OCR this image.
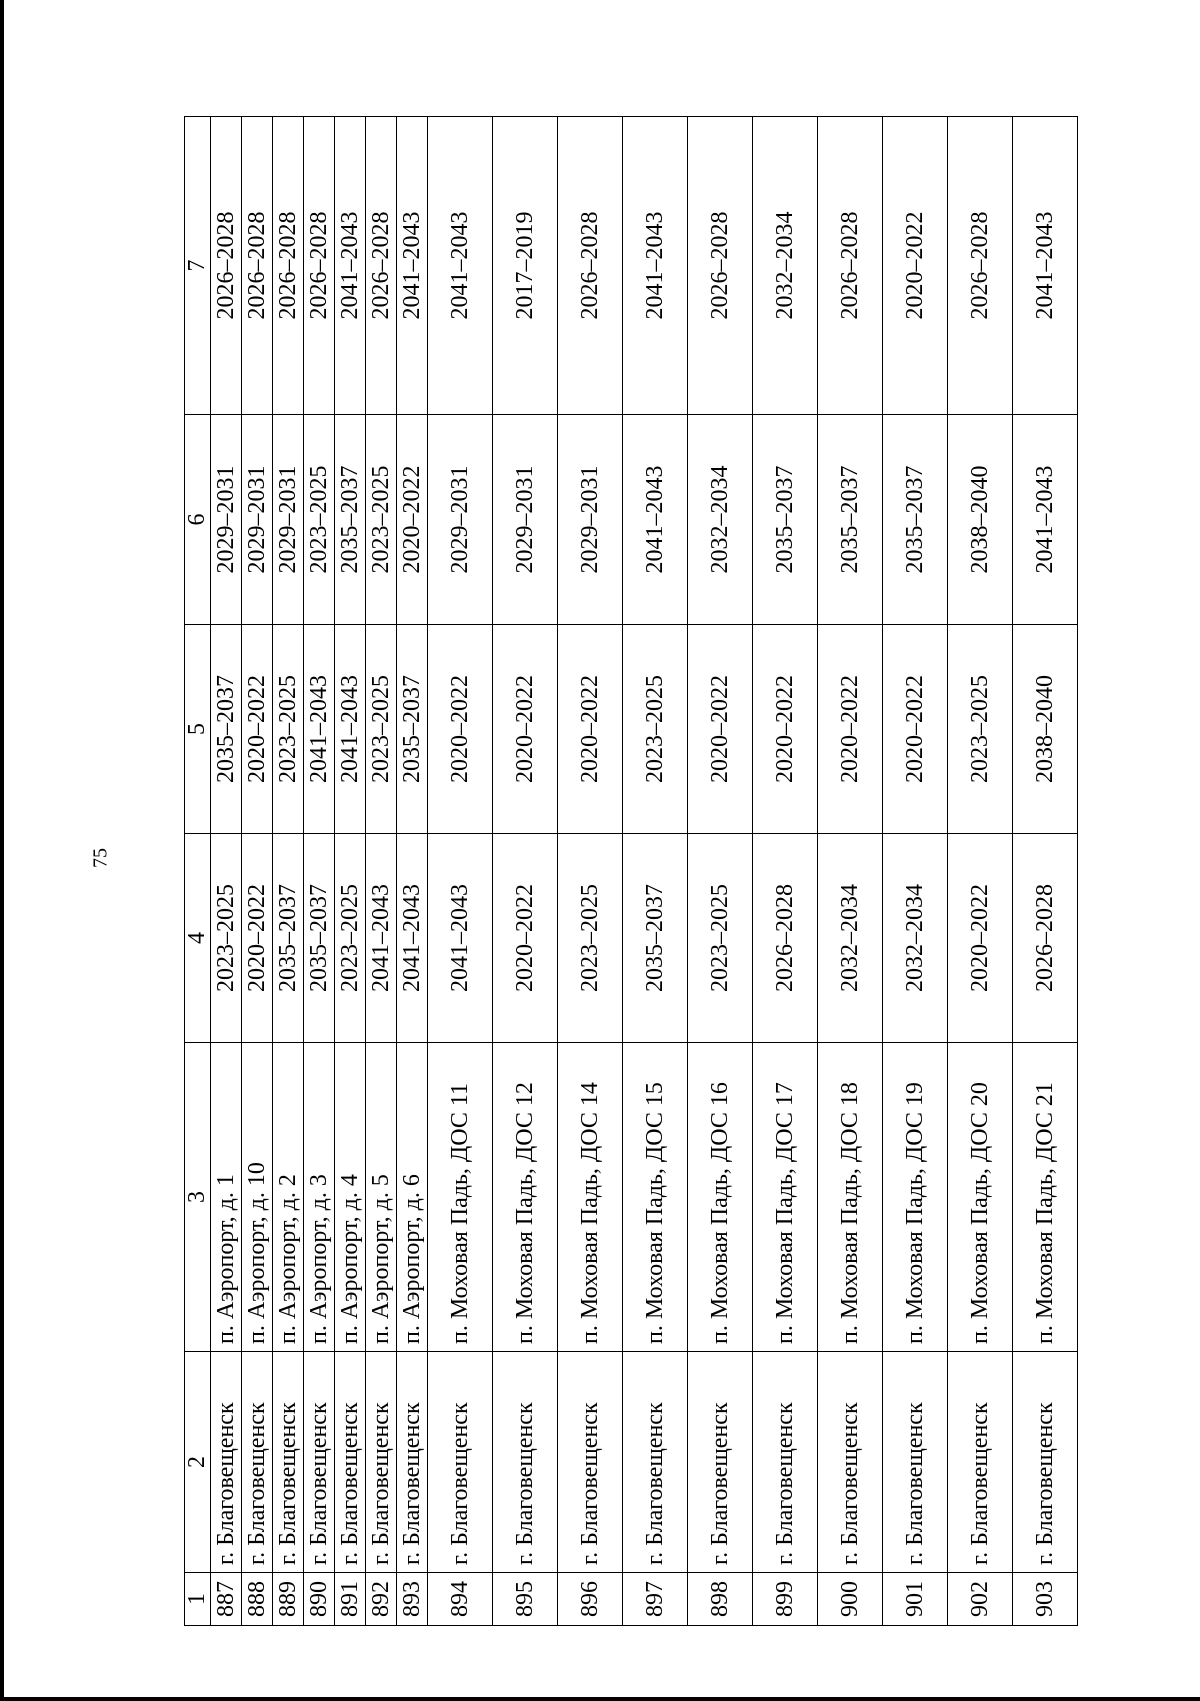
75
1	2	3	4	5	6	7
887	г. Благовещенск	п. Аэропорт, д. 1	2023–2025	2035–2037	2029–2031	2026–2028
888	г. Благовещенск	п. Аэропорт, д. 10	2020–2022	2020–2022	2029–2031	2026–2028
889	г. Благовещенск	п. Аэропорт, д. 2	2035–2037	2023–2025	2029–2031	2026–2028
890	г. Благовещенск	п. Аэропорт, д. 3	2035–2037	2041–2043	2023–2025	2026–2028
891	г. Благовещенск	п. Аэропорт, д. 4	2023–2025	2041–2043	2035–2037	2041–2043
892	г. Благовещенск	п. Аэропорт, д. 5	2041–2043	2023–2025	2023–2025	2026–2028
893	г. Благовещенск	п. Аэропорт, д. 6	2041–2043	2035–2037	2020–2022	2041–2043
894	г. Благовещенск	п. Моховая Падь, ДОС 11	2041–2043	2020–2022	2029–2031	2041–2043
895	г. Благовещенск	п. Моховая Падь, ДОС 12	2020–2022	2020–2022	2029–2031	2017–2019
896	г. Благовещенск	п. Моховая Падь, ДОС 14	2023–2025	2020–2022	2029–2031	2026–2028
897	г. Благовещенск	п. Моховая Падь, ДОС 15	2035–2037	2023–2025	2041–2043	2041–2043
898	г. Благовещенск	п. Моховая Падь, ДОС 16	2023–2025	2020–2022	2032–2034	2026–2028
899	г. Благовещенск	п. Моховая Падь, ДОС 17	2026–2028	2020–2022	2035–2037	2032–2034
900	г. Благовещенск	п. Моховая Падь, ДОС 18	2032–2034	2020–2022	2035–2037	2026–2028
901	г. Благовещенск	п. Моховая Падь, ДОС 19	2032–2034	2020–2022	2035–2037	2020–2022
902	г. Благовещенск	п. Моховая Падь, ДОС 20	2020–2022	2023–2025	2038–2040	2026–2028
903	г. Благовещенск	п. Моховая Падь, ДОС 21	2026–2028	2038–2040	2041–2043	2041–2043
